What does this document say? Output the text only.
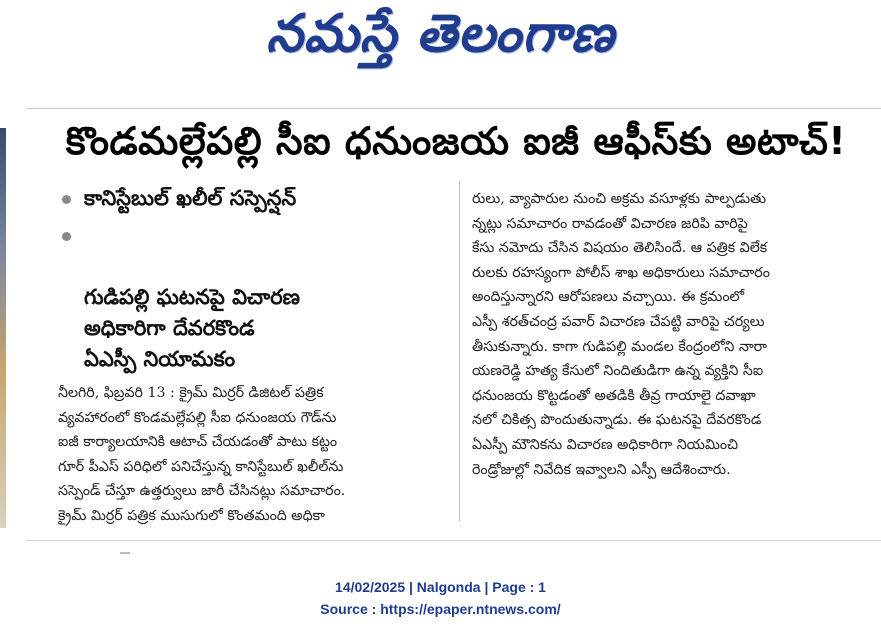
నమస్తే తెలంగాణ
కొండమల్లేపల్లి సీఐ ధనుంజయ ఐజీ ఆఫీస్‌కు అటాచ్!
కానిస్టేబుల్ ఖలీల్ సస్పెన్షన్

గుడిపల్లి ఘటనపై విచారణ
అధికారిగా దేవరకొండ
ఏఎస్పీ నియామకం

నీలగిరి, ఫిబ్రవరి 13 : క్రైమ్ మిర్రర్ డిజిటల్ పత్రిక
వ్యవహారంలో కొండమల్లేపల్లి సీఐ ధనుంజయ గౌడ్‌ను
ఐజీ కార్యాలయానికి ఆటాచ్ చేయడంతో పాటు కట్టం
గూర్ పీఎస్ పరిధిలో పనిచేస్తున్న కానిస్టేబుల్ ఖలీల్‌ను
సస్పెండ్ చేస్తూ ఉత్తర్వులు జారీ చేసినట్లు సమాచారం.
క్రైమ్ మిర్రర్ పత్రిక ముసుగులో కొంతమంది అధికా
రులు, వ్యాపారుల నుంచి అక్రమ వసూళ్లకు పాల్పడుతు
న్నట్లు సమాచారం రావడంతో విచారణ జరిపి వారిపై
కేసు నమోదు చేసిన విషయం తెలిసిందే. ఆ పత్రిక విలేక
రులకు రహస్యంగా పోలీస్ శాఖ అధికారులు సమాచారం
అందిస్తున్నారని ఆరోపణలు వచ్చాయి. ఈ క్రమంలో
ఎస్పీ శరత్‌చంద్ర పవార్ విచారణ చేపట్టి వారిపై చర్యలు
తీసుకున్నారు. కాగా గుడిపల్లి మండల కేంద్రంలోని నారా
యణరెడ్డి హత్య కేసులో నిందితుడిగా ఉన్న వ్యక్తిని సీఐ
ధనుంజయ కొట్టడంతో అతడికి తీవ్ర గాయాలై దవాఖా
నలో చికిత్స పొందుతున్నాడు. ఈ ఘటనపై దేవరకొండ
ఏఎస్పీ మౌనికను విచారణ అధికారిగా నియమించి
రెండ్రోజుల్లో నివేదిక ఇవ్వాలని ఎస్పీ ఆదేశించారు.
14/02/2025 | Nalgonda | Page : 1
Source : https://epaper.ntnews.com/
